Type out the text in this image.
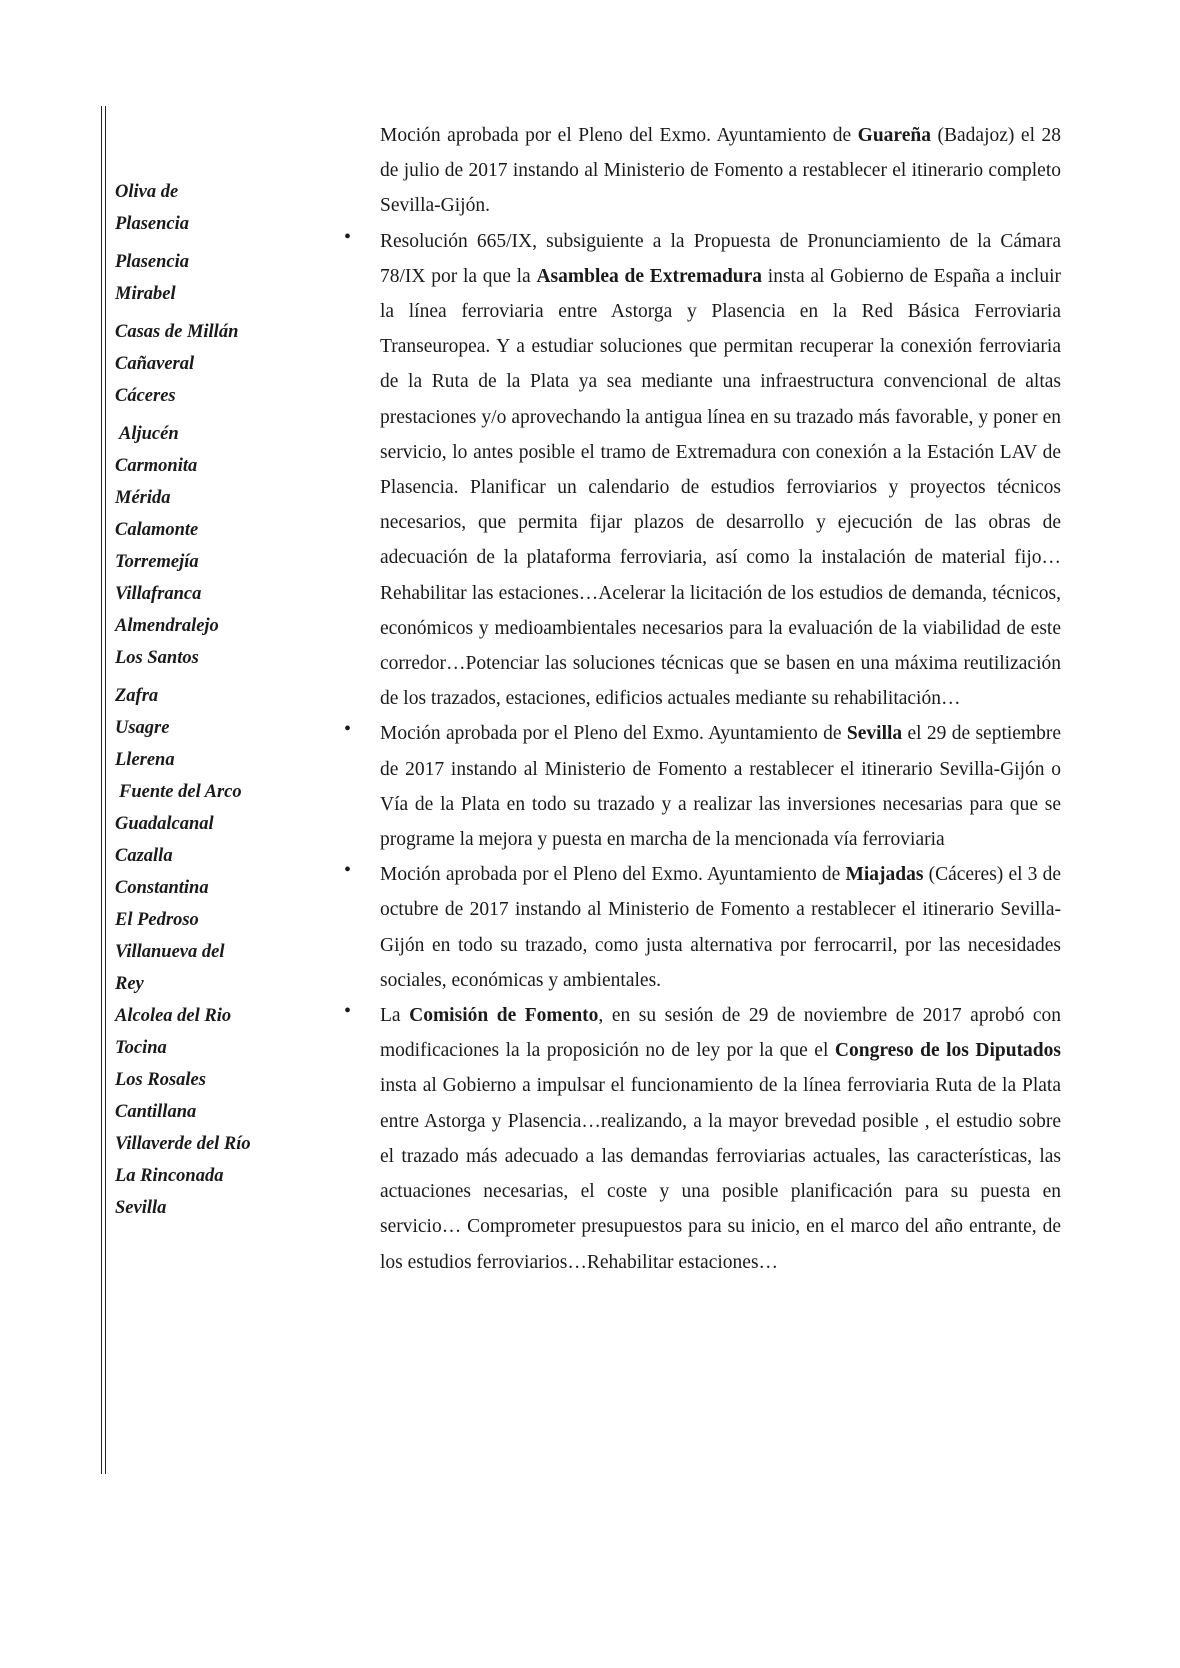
Oliva de
Plasencia
Plasencia
Mirabel
Casas de Millán
Cañaveral
Cáceres
Aljucén
Carmonita
Mérida
Calamonte
Torremejía
Villafranca
Almendralejo
Los Santos
Zafra
Usagre
Llerena
Fuente del Arco
Guadalcanal
Cazalla
Constantina
El Pedroso
Villanueva del
Rey
Alcolea del Rio
Tocina
Los Rosales
Cantillana
Villaverde del Río
La Rinconada
Sevilla

Moción aprobada por el Pleno del Exmo. Ayuntamiento de Guareña (Badajoz) el 28 de julio de 2017 instando al Ministerio de Fomento a restablecer el itinerario completo Sevilla-Gijón.

• Resolución 665/IX, subsiguiente a la Propuesta de Pronunciamiento de la Cámara 78/IX por la que la Asamblea de Extremadura insta al Gobierno de España a incluir la línea ferroviaria entre Astorga y Plasencia en la Red Básica Ferroviaria Transeuropea. Y a estudiar soluciones que permitan recuperar la conexión ferroviaria de la Ruta de la Plata ya sea mediante una infraestructura convencional de altas prestaciones y/o aprovechando la antigua línea en su trazado más favorable, y poner en servicio, lo antes posible el tramo de Extremadura con conexión a la Estación LAV de Plasencia. Planificar un calendario de estudios ferroviarios y proyectos técnicos necesarios, que permita fijar plazos de desarrollo y ejecución de las obras de adecuación de la plataforma ferroviaria, así como la instalación de material fijo…Rehabilitar las estaciones…Acelerar la licitación de los estudios de demanda, técnicos, económicos y medioambientales necesarios para la evaluación de la viabilidad de este corredor…Potenciar las soluciones técnicas que se basen en una máxima reutilización de los trazados, estaciones, edificios actuales mediante su rehabilitación…

• Moción aprobada por el Pleno del Exmo. Ayuntamiento de Sevilla el 29 de septiembre de 2017 instando al Ministerio de Fomento a restablecer el itinerario Sevilla-Gijón o Vía de la Plata en todo su trazado y a realizar las inversiones necesarias para que se programe la mejora y puesta en marcha de la mencionada vía ferroviaria

• Moción aprobada por el Pleno del Exmo. Ayuntamiento de Miajadas (Cáceres) el 3 de octubre de 2017 instando al Ministerio de Fomento a restablecer el itinerario Sevilla-Gijón en todo su trazado, como justa alternativa por ferrocarril, por las necesidades sociales, económicas y ambientales.

• La Comisión de Fomento, en su sesión de 29 de noviembre de 2017 aprobó con modificaciones la la proposición no de ley por la que el Congreso de los Diputados insta al Gobierno a impulsar el funcionamiento de la línea ferroviaria Ruta de la Plata entre Astorga y Plasencia…realizando, a la mayor brevedad posible , el estudio sobre el trazado más adecuado a las demandas ferroviarias actuales, las características, las actuaciones necesarias, el coste y una posible planificación para su puesta en servicio… Comprometer presupuestos para su inicio, en el marco del año entrante, de los estudios ferroviarios…Rehabilitar estaciones…
